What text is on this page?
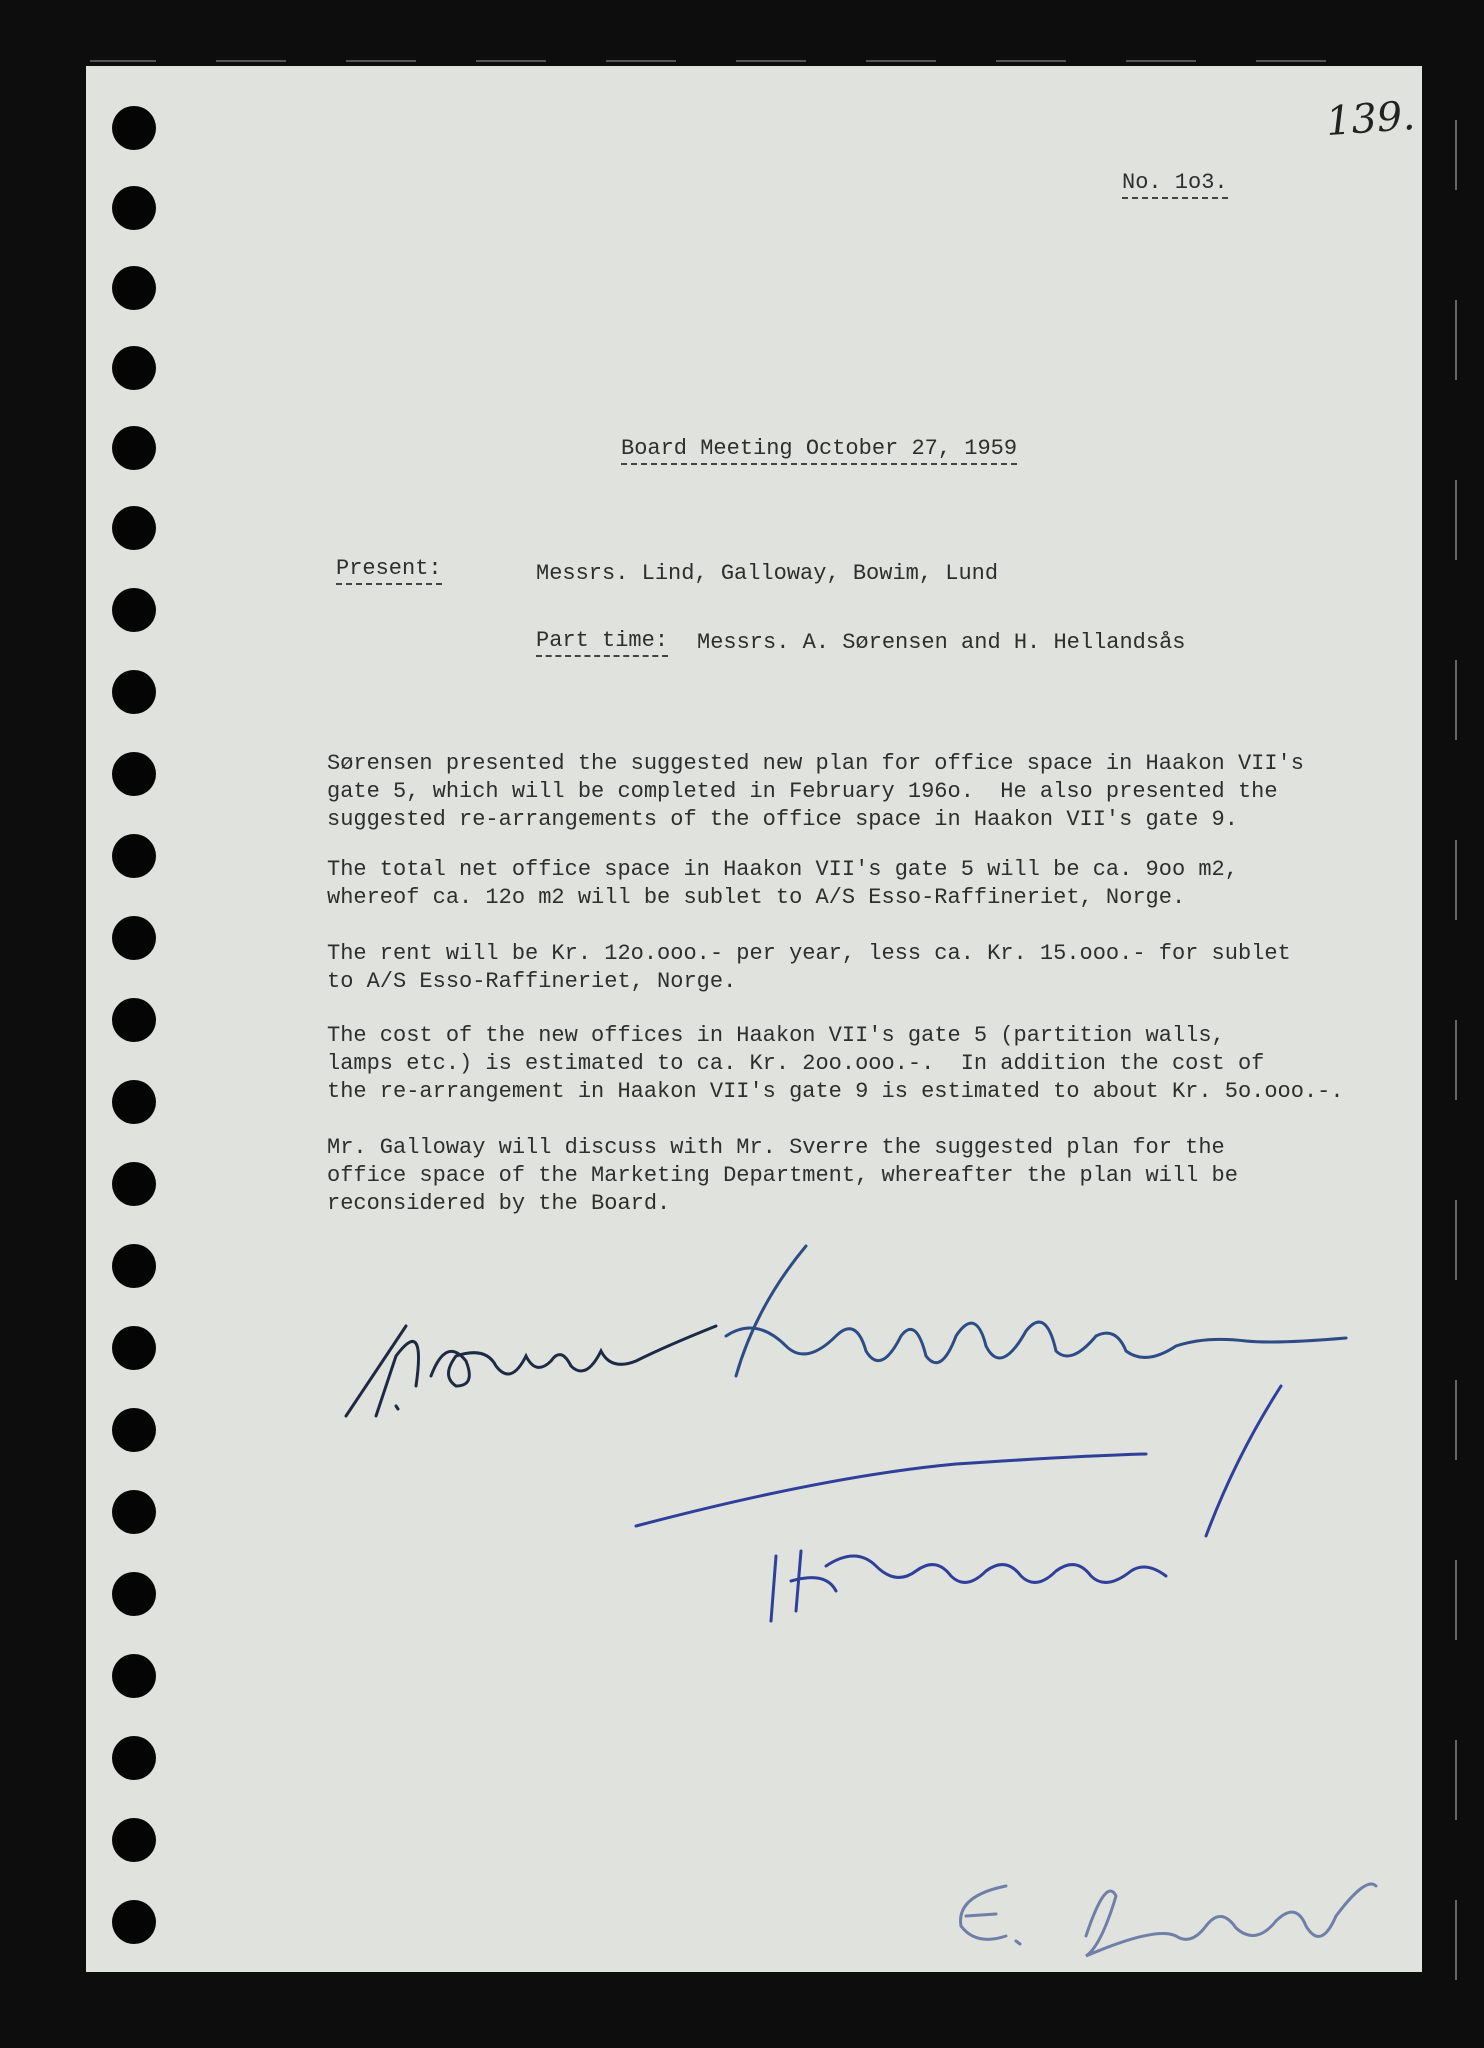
139.
No. 1o3.
Board Meeting October 27, 1959
Present:	Messrs. Lind, Galloway, Bowim, Lund
Part time: Messrs. A. Sørensen and H. Hellandsås
Sørensen presented the suggested new plan for office space in Haakon VII's
gate 5, which will be completed in February 196o.  He also presented the
suggested re-arrangements of the office space in Haakon VII's gate 9.
The total net office space in Haakon VII's gate 5 will be ca. 9oo m2,
whereof ca. 12o m2 will be sublet to A/S Esso-Raffineriet, Norge.
The rent will be Kr. 12o.ooo.- per year, less ca. Kr. 15.ooo.- for sublet
to A/S Esso-Raffineriet, Norge.
The cost of the new offices in Haakon VII's gate 5 (partition walls,
lamps etc.) is estimated to ca. Kr. 2oo.ooo.-.  In addition the cost of
the re-arrangement in Haakon VII's gate 9 is estimated to about Kr. 5o.ooo.-.
Mr. Galloway will discuss with Mr. Sverre the suggested plan for the
office space of the Marketing Department, whereafter the plan will be
reconsidered by the Board.
